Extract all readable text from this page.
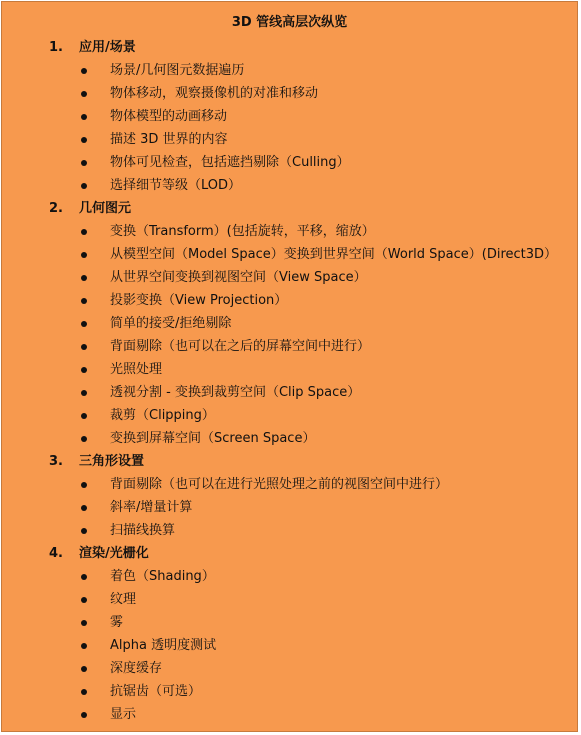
3D 管线高层次纵览
1. 应用/场景
场景/几何图元数据遍历
物体移动，观察摄像机的对准和移动
物体模型的动画移动
描述 3D 世界的内容
物体可见检查，包括遮挡剔除（Culling）
选择细节等级（LOD）
2. 几何图元
变换（Transform）(包括旋转，平移，缩放）
从模型空间（Model Space）变换到世界空间（World Space）(Direct3D）
从世界空间变换到视图空间（View Space）
投影变换（View Projection）
简单的接受/拒绝剔除
背面剔除（也可以在之后的屏幕空间中进行）
光照处理
透视分割 - 变换到裁剪空间（Clip Space）
裁剪（Clipping）
变换到屏幕空间（Screen Space）
3. 三角形设置
背面剔除（也可以在进行光照处理之前的视图空间中进行）
斜率/增量计算
扫描线换算
4. 渲染/光栅化
着色（Shading）
纹理
雾
Alpha 透明度测试
深度缓存
抗锯齿（可选）
显示
